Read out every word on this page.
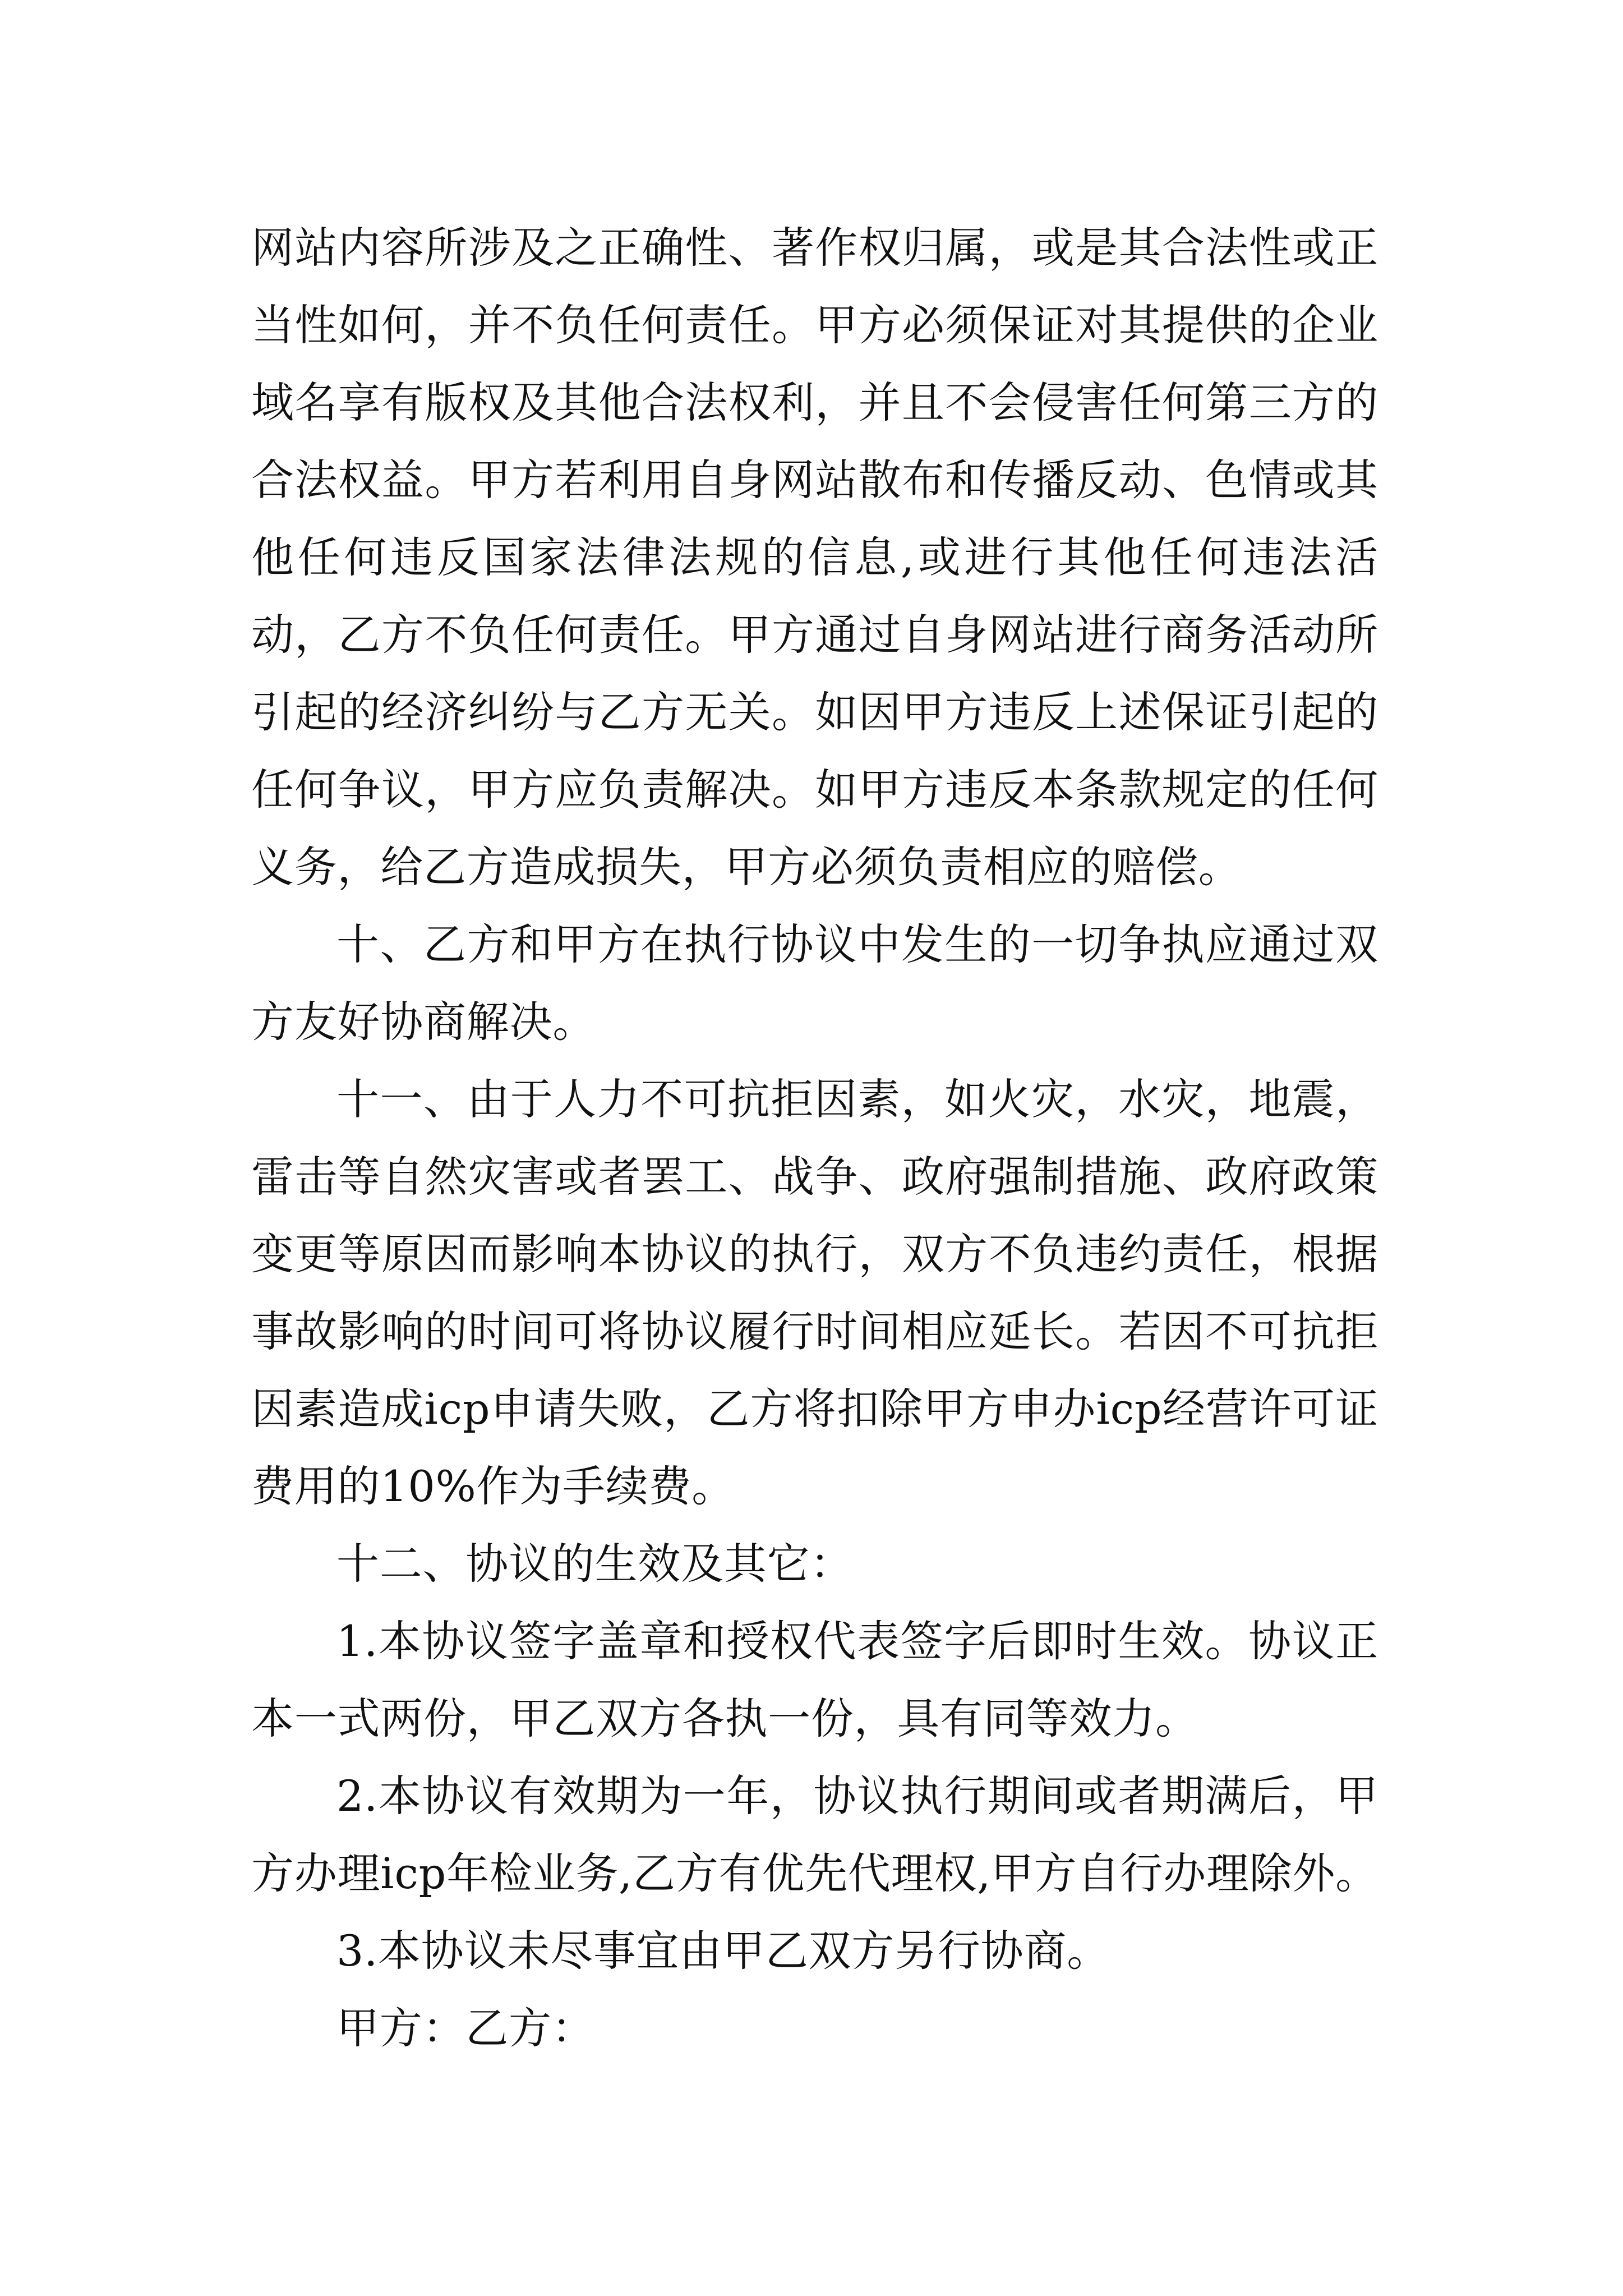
网站内容所涉及之正确性、著作权归属，或是其合法性或正当性如何，并不负任何责任。甲方必须保证对其提供的企业域名享有版权及其他合法权利，并且不会侵害任何第三方的合法权益。甲方若利用自身网站散布和传播反动、色情或其他任何违反国家法律法规的信息,或进行其他任何违法活动，乙方不负任何责任。甲方通过自身网站进行商务活动所引起的经济纠纷与乙方无关。如因甲方违反上述保证引起的任何争议，甲方应负责解决。如甲方违反本条款规定的任何义务，给乙方造成损失，甲方必须负责相应的赔偿。

十、乙方和甲方在执行协议中发生的一切争执应通过双方友好协商解决。

十一、由于人力不可抗拒因素，如火灾，水灾，地震，雷击等自然灾害或者罢工、战争、政府强制措施、政府政策变更等原因而影响本协议的执行，双方不负违约责任，根据事故影响的时间可将协议履行时间相应延长。若因不可抗拒因素造成icp申请失败，乙方将扣除甲方申办icp经营许可证费用的10%作为手续费。

十二、协议的生效及其它：

1.本协议签字盖章和授权代表签字后即时生效。协议正本一式两份，甲乙双方各执一份，具有同等效力。

2.本协议有效期为一年，协议执行期间或者期满后，甲方办理icp年检业务,乙方有优先代理权,甲方自行办理除外。

3.本协议未尽事宜由甲乙双方另行协商。

甲方：乙方：
